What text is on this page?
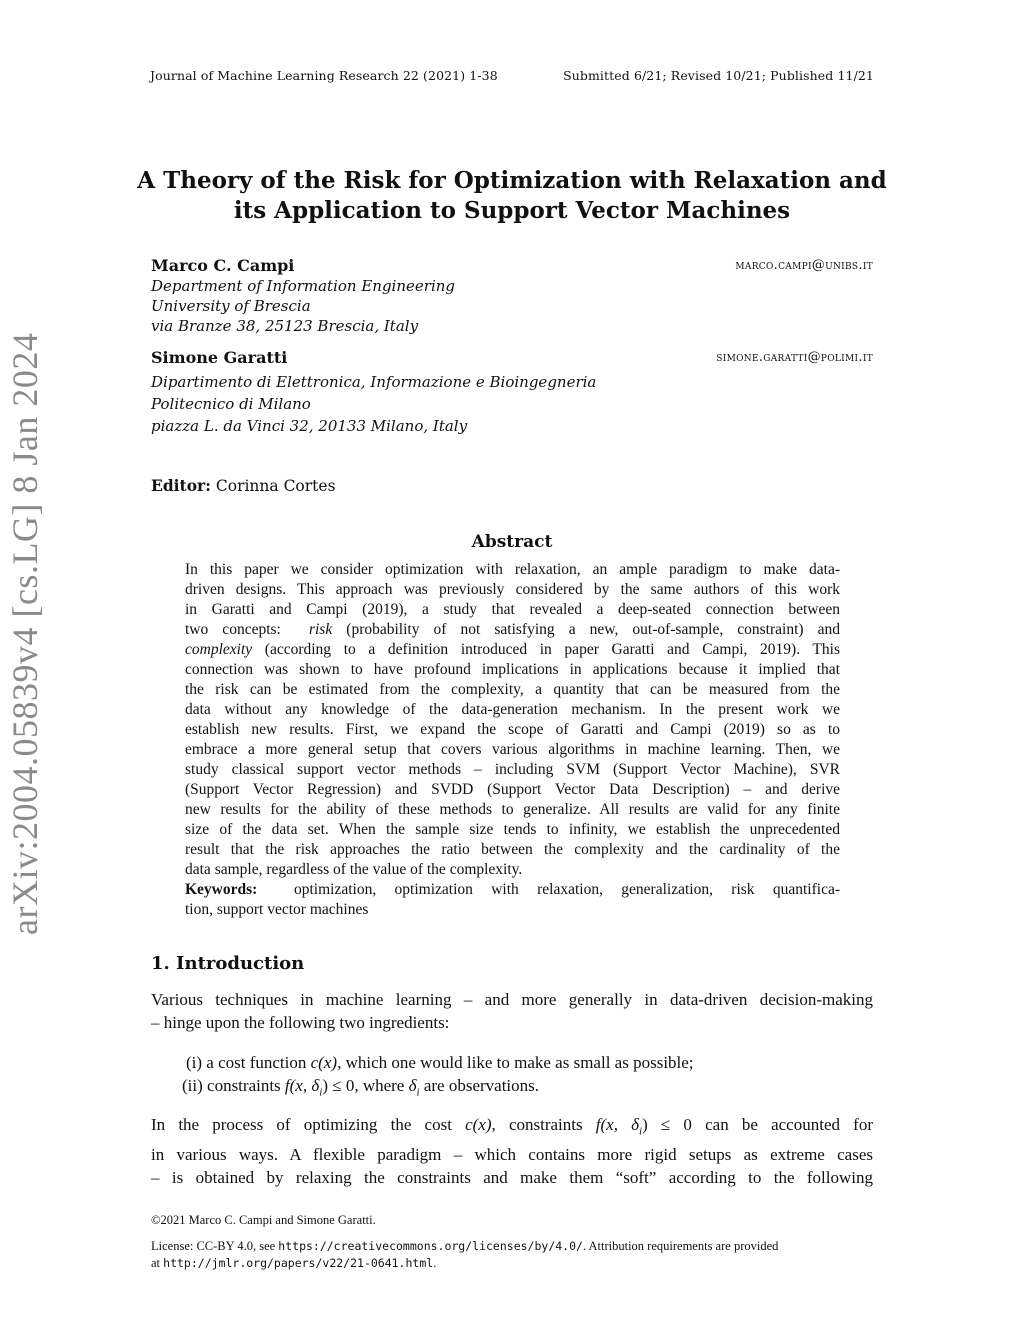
Journal of Machine Learning Research 22 (2021) 1-38	Submitted 6/21; Revised 10/21; Published 11/21
arXiv:2004.05839v4 [cs.LG] 8 Jan 2024
A Theory of the Risk for Optimization with Relaxation and
its Application to Support Vector Machines
Marco C. Campi	marco.campi@unibs.it
Department of Information Engineering
University of Brescia
via Branze 38, 25123 Brescia, Italy
Simone Garatti	simone.garatti@polimi.it
Dipartimento di Elettronica, Informazione e Bioingegneria
Politecnico di Milano
piazza L. da Vinci 32, 20133 Milano, Italy
Editor: Corinna Cortes
Abstract
In this paper we consider optimization with relaxation, an ample paradigm to make data-
driven designs. This approach was previously considered by the same authors of this work
in Garatti and Campi (2019), a study that revealed a deep-seated connection between
two concepts: risk (probability of not satisfying a new, out-of-sample, constraint) and
complexity (according to a definition introduced in paper Garatti and Campi, 2019). This
connection was shown to have profound implications in applications because it implied that
the risk can be estimated from the complexity, a quantity that can be measured from the
data without any knowledge of the data-generation mechanism. In the present work we
establish new results. First, we expand the scope of Garatti and Campi (2019) so as to
embrace a more general setup that covers various algorithms in machine learning. Then, we
study classical support vector methods – including SVM (Support Vector Machine), SVR
(Support Vector Regression) and SVDD (Support Vector Data Description) – and derive
new results for the ability of these methods to generalize. All results are valid for any finite
size of the data set. When the sample size tends to infinity, we establish the unprecedented
result that the risk approaches the ratio between the complexity and the cardinality of the
data sample, regardless of the value of the complexity.
Keywords: optimization, optimization with relaxation, generalization, risk quantifica-
tion, support vector machines
1. Introduction
Various techniques in machine learning – and more generally in data-driven decision-making
– hinge upon the following two ingredients:
(i) a cost function c(x), which one would like to make as small as possible;
(ii) constraints f(x, $\delta_i) \le 0$, where $\delta_i$ are observations.
In the process of optimizing the cost c(x), constraints f(x, $\delta_i) \le 0$ can be accounted for
in various ways. A flexible paradigm – which contains more rigid setups as extreme cases
– is obtained by relaxing the constraints and make them “soft” according to the following
©2021 Marco C. Campi and Simone Garatti.
License: CC-BY 4.0, see https://creativecommons.org/licenses/by/4.0/. Attribution requirements are provided
at http://jmlr.org/papers/v22/21-0641.html.
